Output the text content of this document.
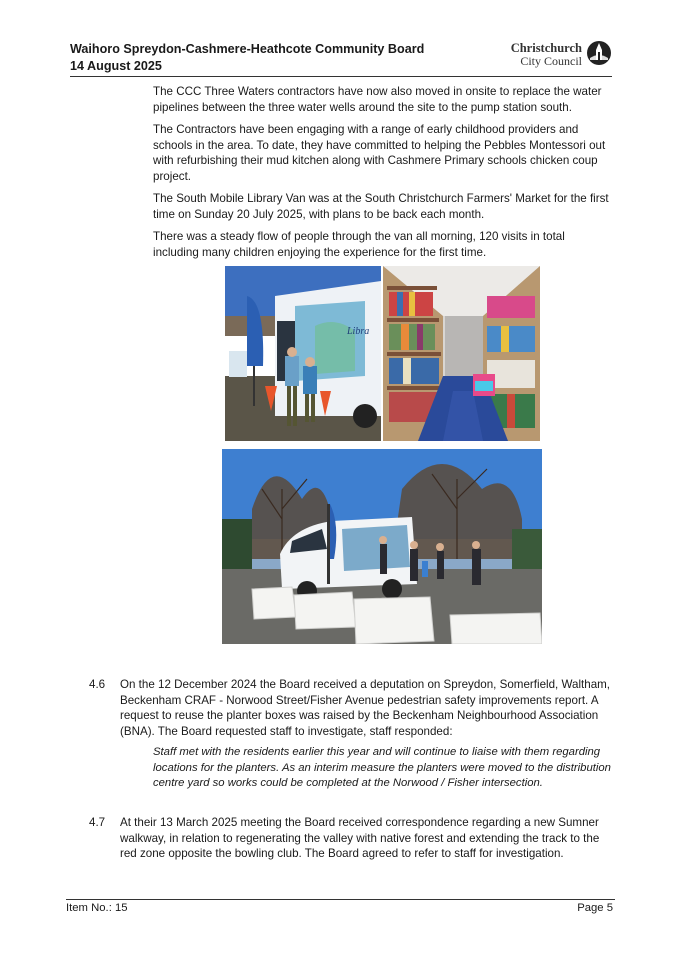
Waihoro Spreydon-Cashmere-Heathcote Community Board
14 August 2025
Christchurch
City Council

The CCC Three Waters contractors have now also moved in onsite to replace the water pipelines between the three water wells around the site to the pump station south.

The Contractors have been engaging with a range of early childhood providers and schools in the area. To date, they have committed to helping the Pebbles Montessori out with refurbishing their mud kitchen along with Cashmere Primary schools chicken coup project.

The South Mobile Library Van was at the South Christchurch Farmers' Market for the first time on Sunday 20 July 2025, with plans to be back each month.

There was a steady flow of people through the van all morning, 120 visits in total including many children enjoying the experience for the first time.

Libra
4.6 On the 12 December 2024 the Board received a deputation on Spreydon, Somerfield, Waltham, Beckenham CRAF - Norwood Street/Fisher Avenue pedestrian safety improvements report. A request to reuse the planter boxes was raised by the Beckenham Neighbourhood Association (BNA). The Board requested staff to investigate, staff responded:

Staff met with the residents earlier this year and will continue to liaise with them regarding locations for the planters. As an interim measure the planters were moved to the distribution centre yard so works could be completed at the Norwood / Fisher intersection.

4.7 At their 13 March 2025 meeting the Board received correspondence regarding a new Sumner walkway, in relation to regenerating the valley with native forest and extending the track to the red zone opposite the bowling club. The Board agreed to refer to staff for investigation.

Item No.: 15	Page 5
